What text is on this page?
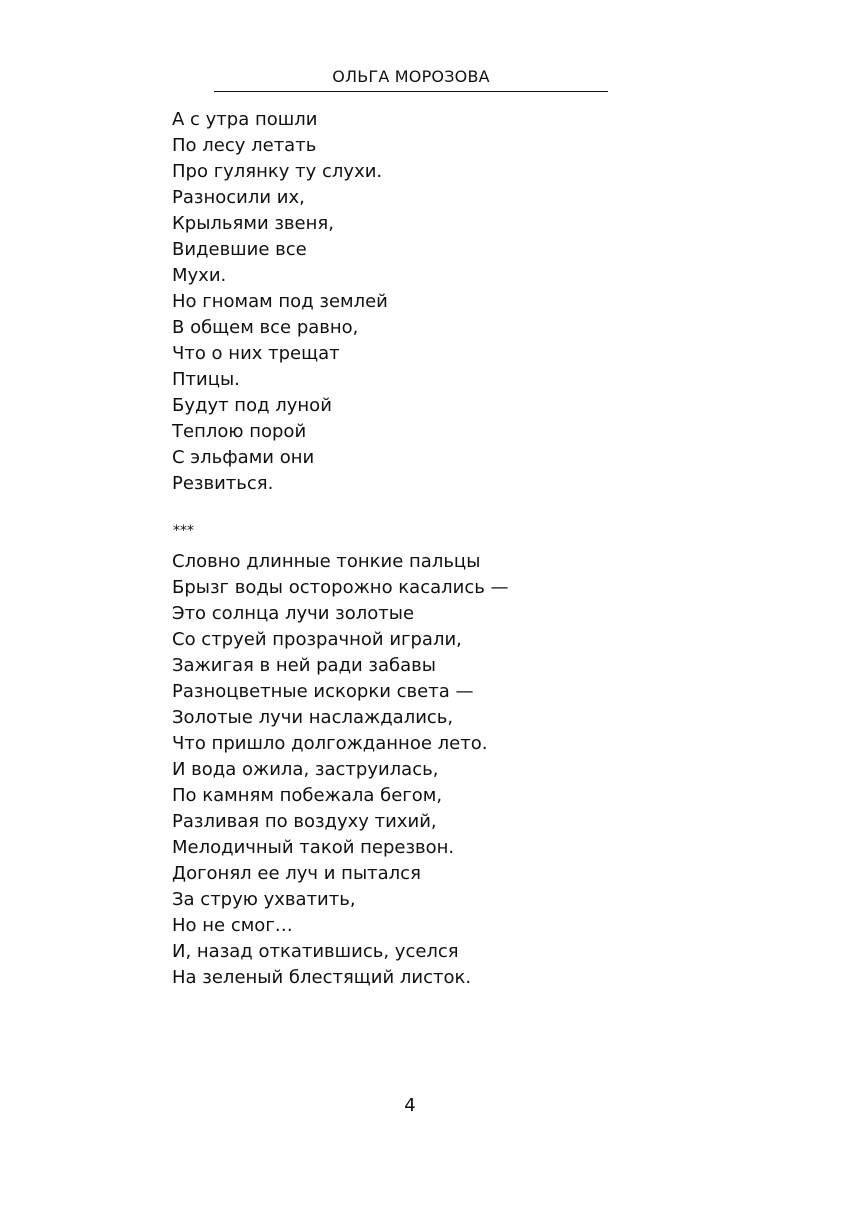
ОЛЬГА МОРОЗОВА
А с утра пошли
По лесу летать
Про гулянку ту слухи.
Разносили их,
Крыльями звеня,
Видевшие все
Мухи.
Но гномам под землей
В общем все равно,
Что о них трещат
Птицы.
Будут под луной
Теплою порой
С эльфами они
Резвиться.
***
Словно длинные тонкие пальцы
Брызг воды осторожно касались —
Это солнца лучи золотые
Со струей прозрачной играли,
Зажигая в ней ради забавы
Разноцветные искорки света —
Золотые лучи наслаждались,
Что пришло долгожданное лето.
И вода ожила, заструилась,
По камням побежала бегом,
Разливая по воздуху тихий,
Мелодичный такой перезвон.
Догонял ее луч и пытался
За струю ухватить,
Но не смог…
И, назад откатившись, уселся
На зеленый блестящий листок.
4
